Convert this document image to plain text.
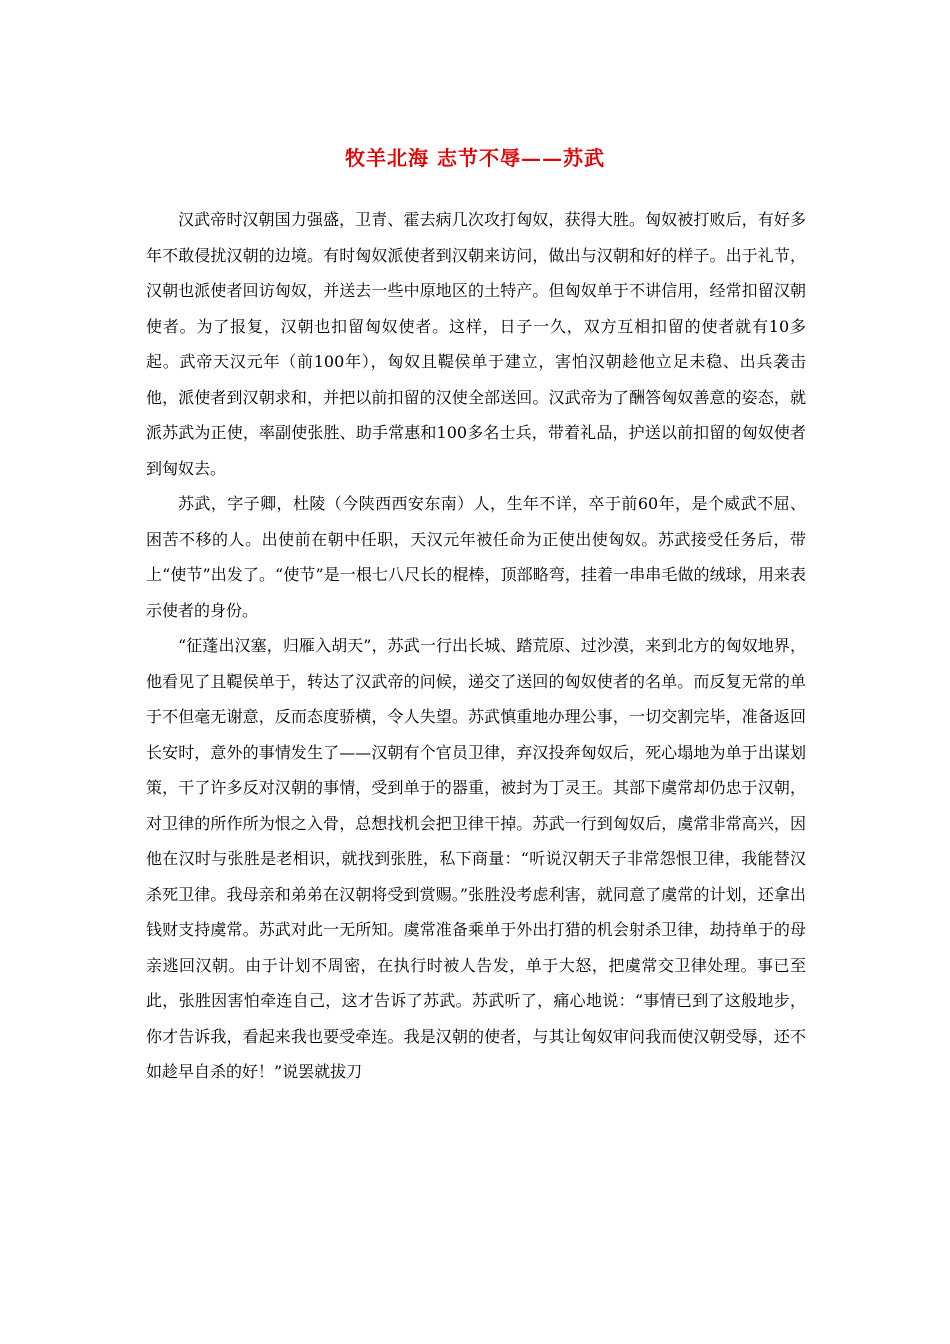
牧羊北海 志节不辱——苏武

汉武帝时汉朝国力强盛，卫青、霍去病几次攻打匈奴，获得大胜。匈奴被打败后，有好多年不敢侵扰汉朝的边境。有时匈奴派使者到汉朝来访问，做出与汉朝和好的样子。出于礼节，汉朝也派使者回访匈奴，并送去一些中原地区的土特产。但匈奴单于不讲信用，经常扣留汉朝使者。为了报复，汉朝也扣留匈奴使者。这样，日子一久，双方互相扣留的使者就有10多起。武帝天汉元年（前100年），匈奴且鞮侯单于建立，害怕汉朝趁他立足未稳、出兵袭击他，派使者到汉朝求和，并把以前扣留的汉使全部送回。汉武帝为了酬答匈奴善意的姿态，就派苏武为正使，率副使张胜、助手常惠和100多名士兵，带着礼品，护送以前扣留的匈奴使者到匈奴去。

苏武，字子卿，杜陵（今陕西西安东南）人，生年不详，卒于前60年，是个威武不屈、困苦不移的人。出使前在朝中任职，天汉元年被任命为正使出使匈奴。苏武接受任务后，带上“使节”出发了。“使节”是一根七八尺长的棍棒，顶部略弯，挂着一串串毛做的绒球，用来表示使者的身份。

“征蓬出汉塞，归雁入胡天”，苏武一行出长城、踏荒原、过沙漠，来到北方的匈奴地界，他看见了且鞮侯单于，转达了汉武帝的问候，递交了送回的匈奴使者的名单。而反复无常的单于不但毫无谢意，反而态度骄横，令人失望。苏武慎重地办理公事，一切交割完毕，准备返回长安时，意外的事情发生了——汉朝有个官员卫律，弃汉投奔匈奴后，死心塌地为单于出谋划策，干了许多反对汉朝的事情，受到单于的器重，被封为丁灵王。其部下虞常却仍忠于汉朝，对卫律的所作所为恨之入骨，总想找机会把卫律干掉。苏武一行到匈奴后，虞常非常高兴，因他在汉时与张胜是老相识，就找到张胜，私下商量：“听说汉朝天子非常怨恨卫律，我能替汉杀死卫律。我母亲和弟弟在汉朝将受到赏赐。”张胜没考虑利害，就同意了虞常的计划，还拿出钱财支持虞常。苏武对此一无所知。虞常准备乘单于外出打猎的机会射杀卫律，劫持单于的母亲逃回汉朝。由于计划不周密，在执行时被人告发，单于大怒，把虞常交卫律处理。事已至此，张胜因害怕牵连自己，这才告诉了苏武。苏武听了，痛心地说：“事情已到了这般地步，你才告诉我，看起来我也要受牵连。我是汉朝的使者，与其让匈奴审问我而使汉朝受辱，还不如趁早自杀的好！”说罢就拔刀
